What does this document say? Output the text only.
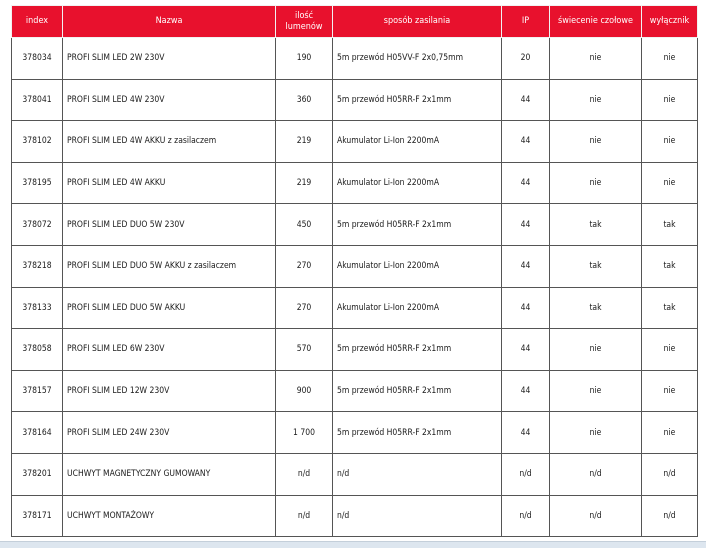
index	Nazwa	ilość lumenów	sposób zasilania	IP	świecenie czołowe	wyłącznik
378034	PROFI SLIM LED 2W 230V	190	5m przewód H05VV-F 2x0,75mm	20	nie	nie
378041	PROFI SLIM LED 4W 230V	360	5m przewód H05RR-F 2x1mm	44	nie	nie
378102	PROFI SLIM LED 4W AKKU z zasilaczem	219	Akumulator Li-Ion 2200mA	44	nie	nie
378195	PROFI SLIM LED 4W AKKU	219	Akumulator Li-Ion 2200mA	44	nie	nie
378072	PROFI SLIM LED DUO 5W 230V	450	5m przewód H05RR-F 2x1mm	44	tak	tak
378218	PROFI SLIM LED DUO 5W AKKU z zasilaczem	270	Akumulator Li-Ion 2200mA	44	tak	tak
378133	PROFI SLIM LED DUO 5W AKKU	270	Akumulator Li-Ion 2200mA	44	tak	tak
378058	PROFI SLIM LED 6W 230V	570	5m przewód H05RR-F 2x1mm	44	nie	nie
378157	PROFI SLIM LED 12W 230V	900	5m przewód H05RR-F 2x1mm	44	nie	nie
378164	PROFI SLIM LED 24W 230V	1 700	5m przewód H05RR-F 2x1mm	44	nie	nie
378201	UCHWYT MAGNETYCZNY GUMOWANY	n/d	n/d	n/d	n/d	n/d
378171	UCHWYT MONTAŻOWY	n/d	n/d	n/d	n/d	n/d
